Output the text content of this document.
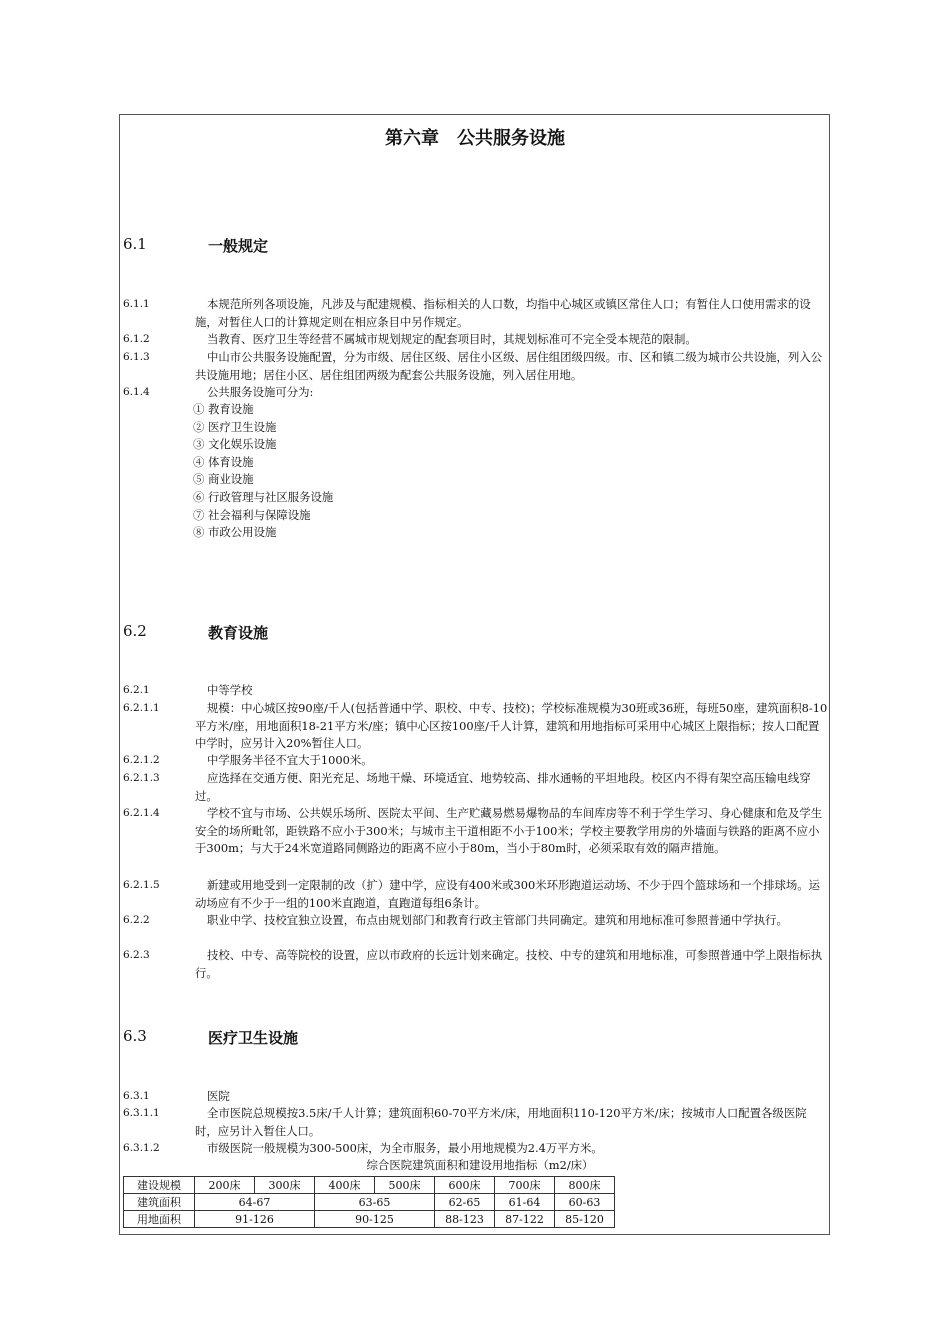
第六章　公共服务设施
6.1	一般规定
6.1.1	本规范所列各项设施，凡涉及与配建规模、指标相关的人口数，均指中心城区或镇区常住人口；有暂住人口使用需求的设施，对暂住人口的计算规定则在相应条目中另作规定。
6.1.2	当教育、医疗卫生等经营不属城市规划规定的配套项目时，其规划标准可不完全受本规范的限制。
6.1.3	中山市公共服务设施配置，分为市级、居住区级、居住小区级、居住组团级四级。市、区和镇二级为城市公共设施，列入公共设施用地；居住小区、居住组团两级为配套公共服务设施，列入居住用地。
6.1.4	公共服务设施可分为:
① 教育设施
② 医疗卫生设施
③ 文化娱乐设施
④ 体育设施
⑤ 商业设施
⑥ 行政管理与社区服务设施
⑦ 社会福利与保障设施
⑧ 市政公用设施
6.2	教育设施
6.2.1	中等学校
6.2.1.1	规模：中心城区按90座/千人(包括普通中学、职校、中专、技校)；学校标准规模为30班或36班，每班50座，建筑面积8-10平方米/座，用地面积18-21平方米/座；镇中心区按100座/千人计算，建筑和用地指标可采用中心城区上限指标；按人口配置中学时，应另计入20%暂住人口。
6.2.1.2	中学服务半径不宜大于1000米。
6.2.1.3	应选择在交通方便、阳光充足、场地干燥、环境适宜、地势较高、排水通畅的平坦地段。校区内不得有架空高压输电线穿过。
6.2.1.4	学校不宜与市场、公共娱乐场所、医院太平间、生产贮藏易燃易爆物品的车间库房等不利于学生学习、身心健康和危及学生安全的场所毗邻，距铁路不应小于300米；与城市主干道相距不小于100米；学校主要教学用房的外墙面与铁路的距离不应小于300m；与大于24米宽道路同侧路边的距离不应小于80m，当小于80m时，必须采取有效的隔声措施。
6.2.1.5	新建或用地受到一定限制的改（扩）建中学，应设有400米或300米环形跑道运动场、不少于四个篮球场和一个排球场。运动场应有不少于一组的100米直跑道，直跑道每组6条计。
6.2.2	职业中学、技校宜独立设置，布点由规划部门和教育行政主管部门共同确定。建筑和用地标准可参照普通中学执行。
6.2.3	技校、中专、高等院校的设置，应以市政府的长远计划来确定。技校、中专的建筑和用地标准，可参照普通中学上限指标执行。
6.3	医疗卫生设施
6.3.1	医院
6.3.1.1	全市医院总规模按3.5床/千人计算；建筑面积60-70平方米/床，用地面积110-120平方米/床；按城市人口配置各级医院时，应另计入暂住人口。
6.3.1.2	市级医院一般规模为300-500床，为全市服务，最小用地规模为2.4万平方米。
综合医院建筑面积和建设用地指标（m2/床）
建设规模	200床	300床	400床	500床	600床	700床	800床
建筑面积	64-67		63-65		62-65	61-64	60-63
用地面积	91-126		90-125		88-123	87-122	85-120
